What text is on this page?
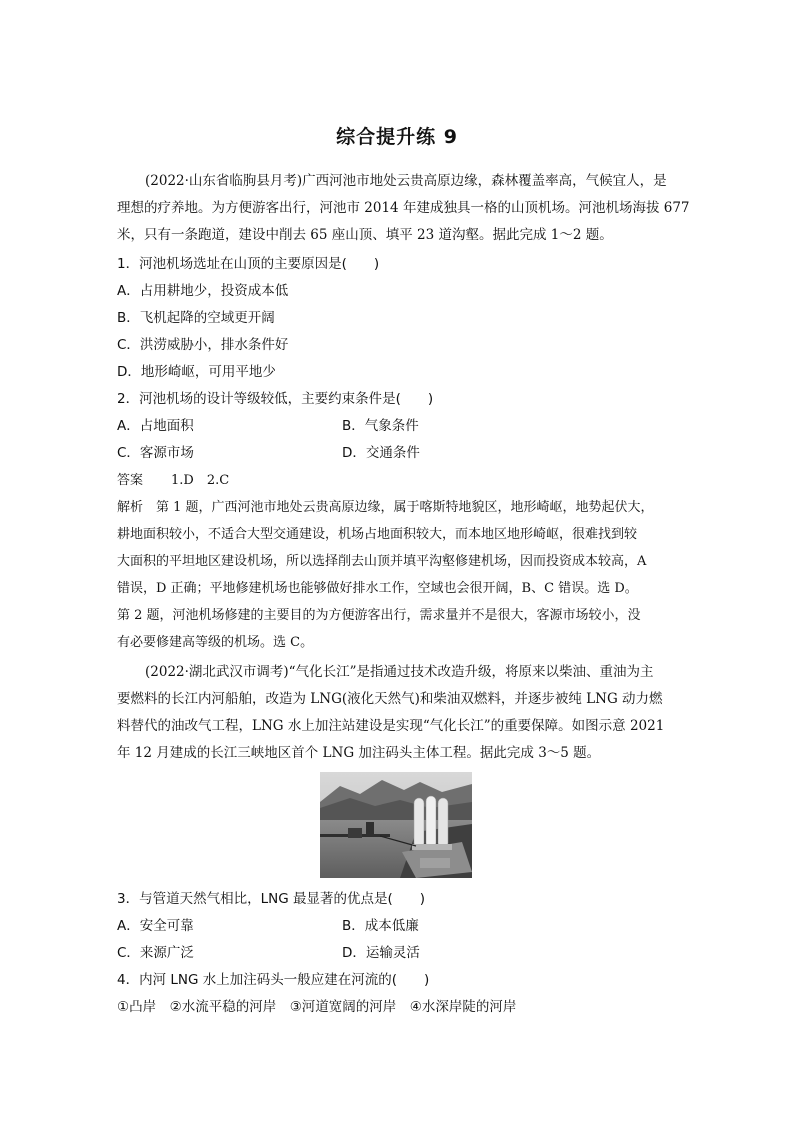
综合提升练 9
(2022·山东省临朐县月考)广西河池市地处云贵高原边缘，森林覆盖率高，气候宜人，是
理想的疗养地。为方便游客出行，河池市 2014 年建成独具一格的山顶机场。河池机场海拔 677
米，只有一条跑道，建设中削去 65 座山顶、填平 23 道沟壑。据此完成 1～2 题。
1．河池机场选址在山顶的主要原因是(　　)
A．占用耕地少，投资成本低
B．飞机起降的空域更开阔
C．洪涝威胁小，排水条件好
D．地形崎岖，可用平地少
2．河池机场的设计等级较低，主要约束条件是(　　)
A．占地面积	B．气象条件
C．客源市场	D．交通条件
答案 1.D　2.C
解析　第 1 题，广西河池市地处云贵高原边缘，属于喀斯特地貌区，地形崎岖，地势起伏大，
耕地面积较小，不适合大型交通建设，机场占地面积较大，而本地区地形崎岖，很难找到较
大面积的平坦地区建设机场，所以选择削去山顶并填平沟壑修建机场，因而投资成本较高，A
错误，D 正确；平地修建机场也能够做好排水工作，空域也会很开阔，B、C 错误。选 D。
第 2 题，河池机场修建的主要目的为方便游客出行，需求量并不是很大，客源市场较小，没
有必要修建高等级的机场。选 C。
(2022·湖北武汉市调考)“气化长江”是指通过技术改造升级，将原来以柴油、重油为主
要燃料的长江内河船舶，改造为 LNG(液化天然气)和柴油双燃料，并逐步被纯 LNG 动力燃
料替代的油改气工程，LNG 水上加注站建设是实现“气化长江”的重要保障。如图示意 2021
年 12 月建成的长江三峡地区首个 LNG 加注码头主体工程。据此完成 3～5 题。
3．与管道天然气相比，LNG 最显著的优点是(　　)
A．安全可靠	B．成本低廉
C．来源广泛	D．运输灵活
4．内河 LNG 水上加注码头一般应建在河流的(　　)
①凸岸　②水流平稳的河岸　③河道宽阔的河岸　④水深岸陡的河岸
